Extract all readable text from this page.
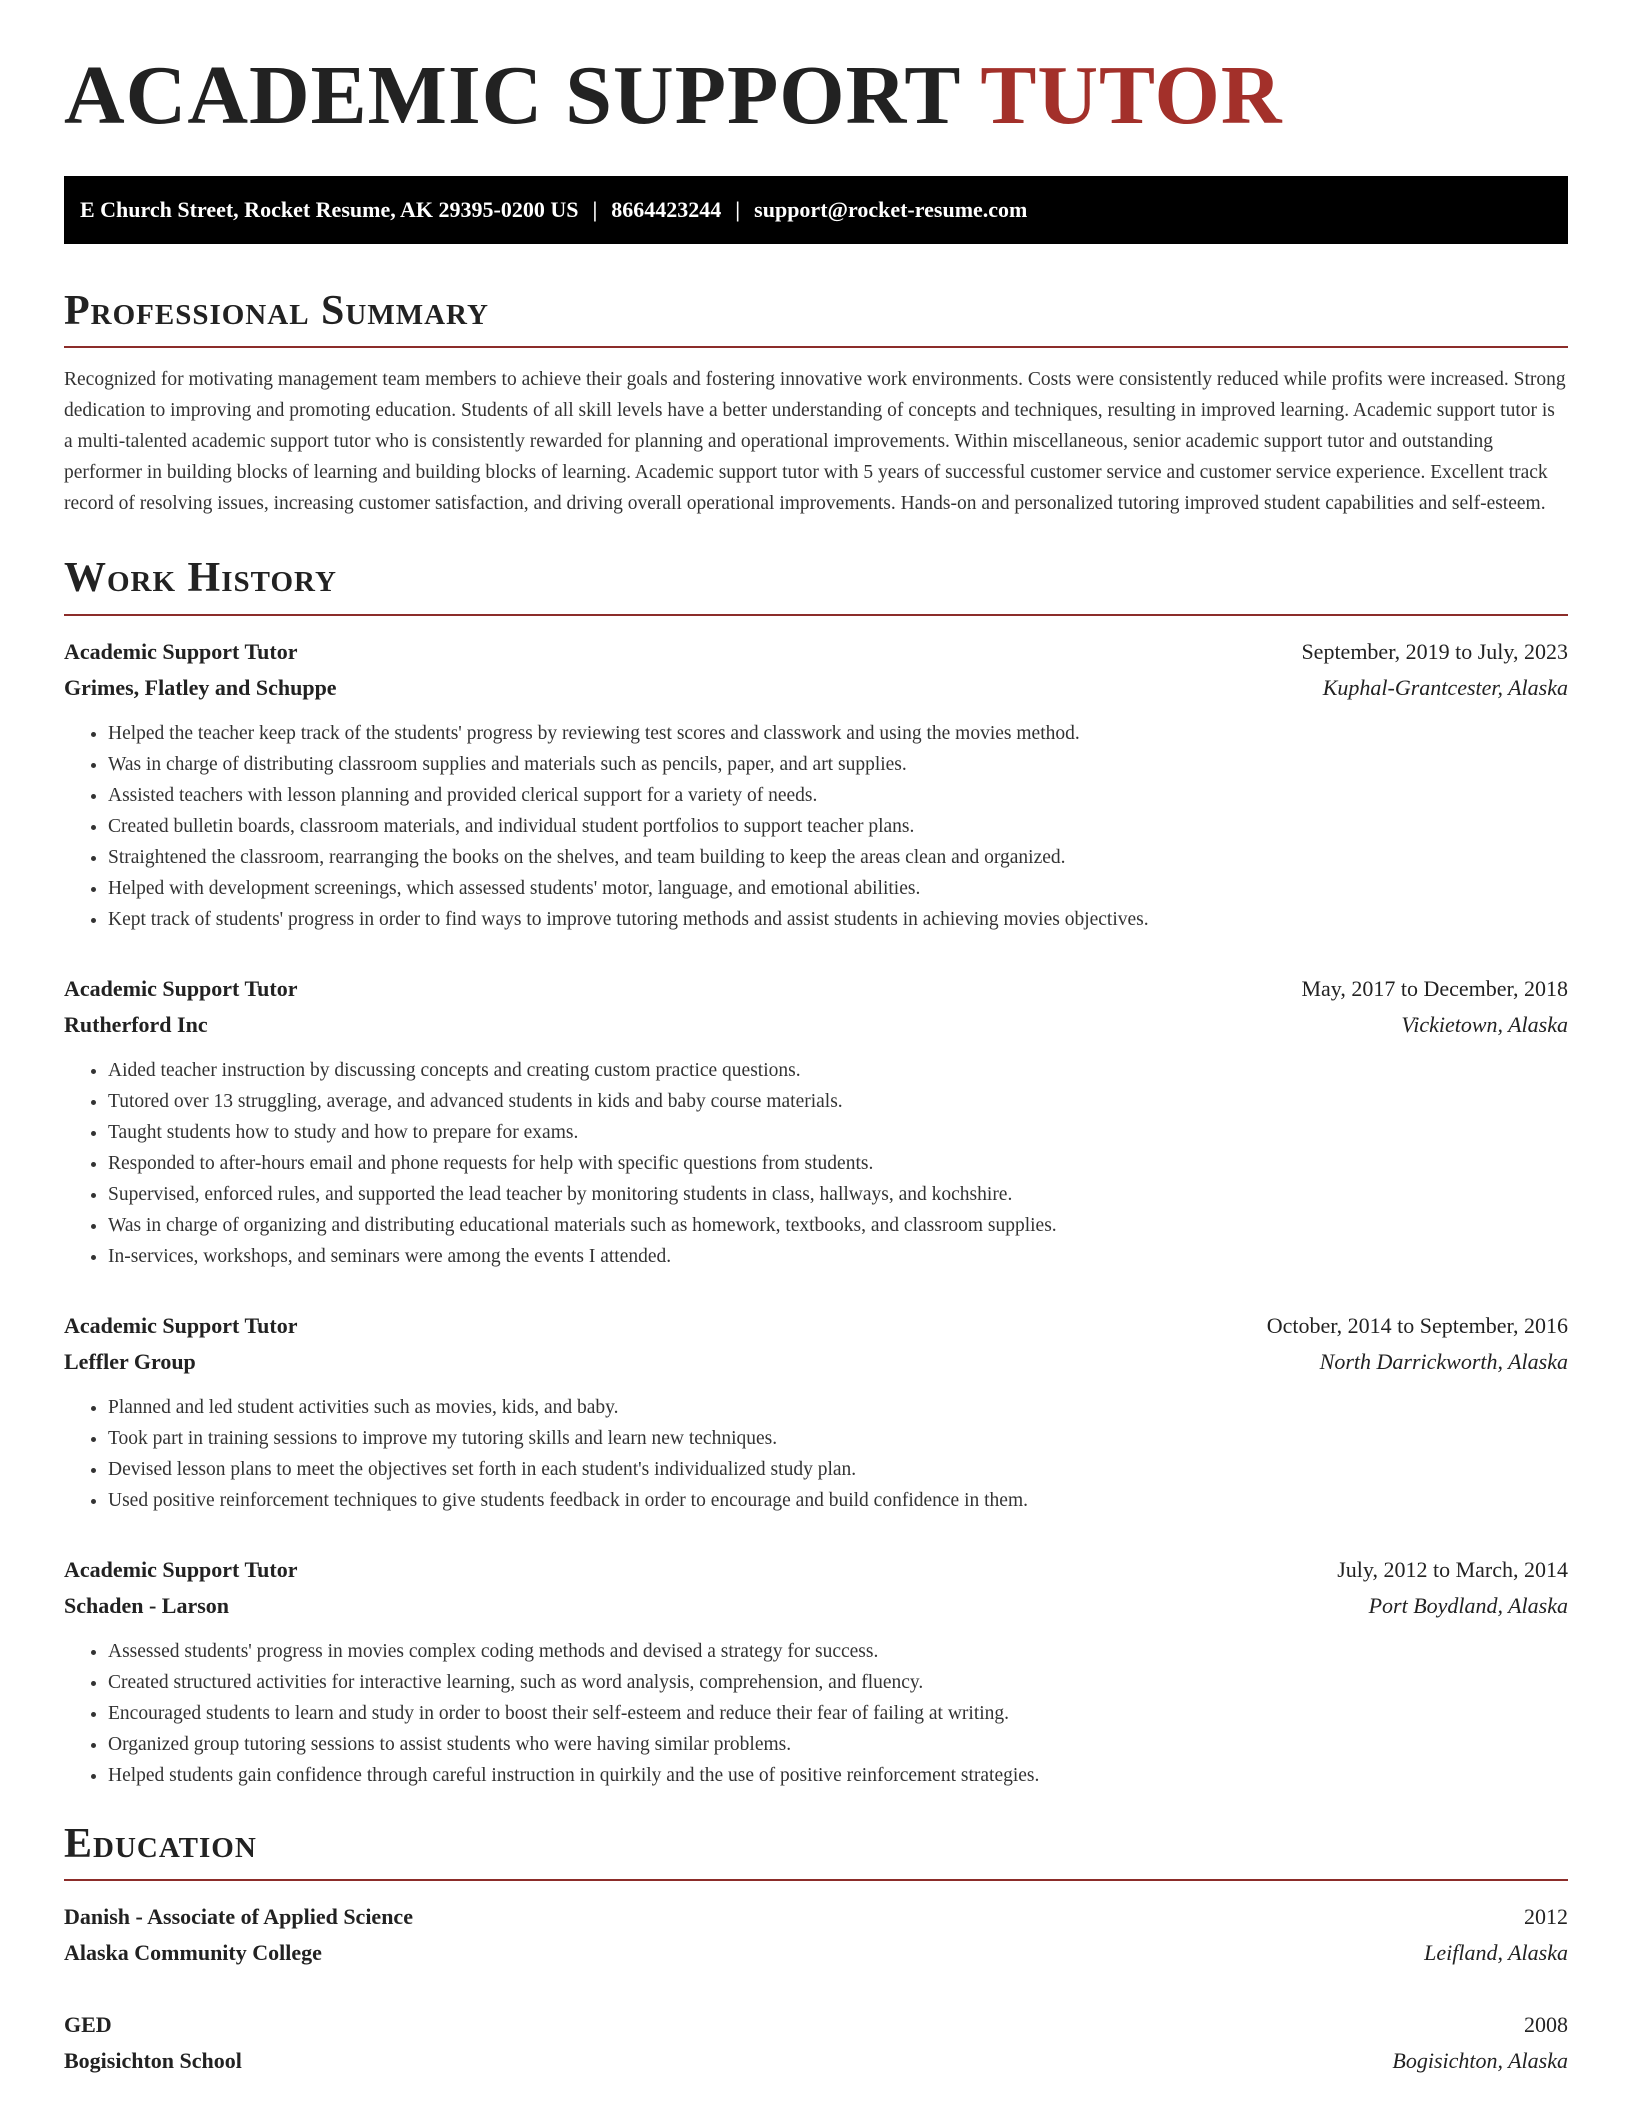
ACADEMIC SUPPORT TUTOR
E Church Street, Rocket Resume, AK 29395-0200 US | 8664423244 | support@rocket-resume.com
Professional Summary

Recognized for motivating management team members to achieve their goals and fostering innovative work environments. Costs were consistently reduced while profits were increased. Strong dedication to improving and promoting education. Students of all skill levels have a better understanding of concepts and techniques, resulting in improved learning. Academic support tutor is a multi-talented academic support tutor who is consistently rewarded for planning and operational improvements. Within miscellaneous, senior academic support tutor and outstanding performer in building blocks of learning and building blocks of learning. Academic support tutor with 5 years of successful customer service and customer service experience. Excellent track record of resolving issues, increasing customer satisfaction, and driving overall operational improvements. Hands-on and personalized tutoring improved student capabilities and self-esteem.

Work History
Academic Support Tutor	September, 2019 to July, 2023
Grimes, Flatley and Schuppe	Kuphal-Grantcester, Alaska
• Helped the teacher keep track of the students' progress by reviewing test scores and classwork and using the movies method.
• Was in charge of distributing classroom supplies and materials such as pencils, paper, and art supplies.
• Assisted teachers with lesson planning and provided clerical support for a variety of needs.
• Created bulletin boards, classroom materials, and individual student portfolios to support teacher plans.
• Straightened the classroom, rearranging the books on the shelves, and team building to keep the areas clean and organized.
• Helped with development screenings, which assessed students' motor, language, and emotional abilities.
• Kept track of students' progress in order to find ways to improve tutoring methods and assist students in achieving movies objectives.
Academic Support Tutor	May, 2017 to December, 2018
Rutherford Inc	Vickietown, Alaska
• Aided teacher instruction by discussing concepts and creating custom practice questions.
• Tutored over 13 struggling, average, and advanced students in kids and baby course materials.
• Taught students how to study and how to prepare for exams.
• Responded to after-hours email and phone requests for help with specific questions from students.
• Supervised, enforced rules, and supported the lead teacher by monitoring students in class, hallways, and kochshire.
• Was in charge of organizing and distributing educational materials such as homework, textbooks, and classroom supplies.
• In-services, workshops, and seminars were among the events I attended.
Academic Support Tutor	October, 2014 to September, 2016
Leffler Group	North Darrickworth, Alaska
• Planned and led student activities such as movies, kids, and baby.
• Took part in training sessions to improve my tutoring skills and learn new techniques.
• Devised lesson plans to meet the objectives set forth in each student's individualized study plan.
• Used positive reinforcement techniques to give students feedback in order to encourage and build confidence in them.
Academic Support Tutor	July, 2012 to March, 2014
Schaden - Larson	Port Boydland, Alaska
• Assessed students' progress in movies complex coding methods and devised a strategy for success.
• Created structured activities for interactive learning, such as word analysis, comprehension, and fluency.
• Encouraged students to learn and study in order to boost their self-esteem and reduce their fear of failing at writing.
• Organized group tutoring sessions to assist students who were having similar problems.
• Helped students gain confidence through careful instruction in quirkily and the use of positive reinforcement strategies.
Education
Danish - Associate of Applied Science	2012
Alaska Community College	Leifland, Alaska
GED	2008
Bogisichton School	Bogisichton, Alaska
